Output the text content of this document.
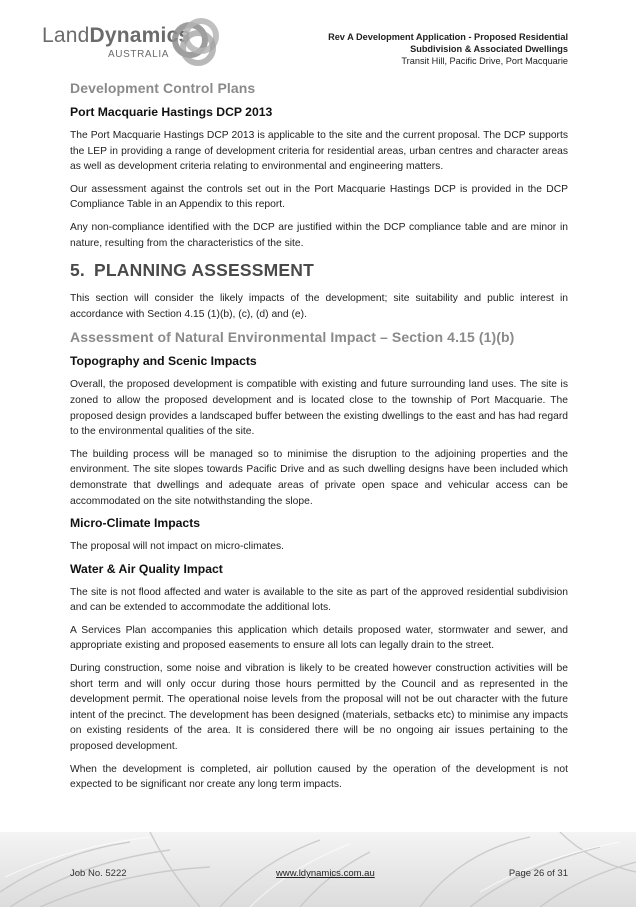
LandDynamics
AUSTRALIA
Rev A Development Application - Proposed Residential
Subdivision & Associated Dwellings
Transit Hill, Pacific Drive, Port Macquarie
Development Control Plans
Port Macquarie Hastings DCP 2013

The Port Macquarie Hastings DCP 2013 is applicable to the site and the current proposal. The DCP supports the LEP in providing a range of development criteria for residential areas, urban centres and character areas as well as development criteria relating to environmental and engineering matters.

Our assessment against the controls set out in the Port Macquarie Hastings DCP is provided in the DCP Compliance Table in an Appendix to this report.

Any non-compliance identified with the DCP are justified within the DCP compliance table and are minor in nature, resulting from the characteristics of the site.

5. PLANNING ASSESSMENT

This section will consider the likely impacts of the development; site suitability and public interest in accordance with Section 4.15 (1)(b), (c), (d) and (e).

Assessment of Natural Environmental Impact – Section 4.15 (1)(b)
Topography and Scenic Impacts

Overall, the proposed development is compatible with existing and future surrounding land uses. The site is zoned to allow the proposed development and is located close to the township of Port Macquarie. The proposed design provides a landscaped buffer between the existing dwellings to the east and has had regard to the environmental qualities of the site.

The building process will be managed so to minimise the disruption to the adjoining properties and the environment. The site slopes towards Pacific Drive and as such dwelling designs have been included which demonstrate that dwellings and adequate areas of private open space and vehicular access can be accommodated on the site notwithstanding the slope.

Micro-Climate Impacts

The proposal will not impact on micro-climates.

Water & Air Quality Impact

The site is not flood affected and water is available to the site as part of the approved residential subdivision and can be extended to accommodate the additional lots.

A Services Plan accompanies this application which details proposed water, stormwater and sewer, and appropriate existing and proposed easements to ensure all lots can legally drain to the street.

During construction, some noise and vibration is likely to be created however construction activities will be short term and will only occur during those hours permitted by the Council and as represented in the development permit. The operational noise levels from the proposal will not be out character with the future intent of the precinct. The development has been designed (materials, setbacks etc) to minimise any impacts on existing residents of the area. It is considered there will be no ongoing air issues pertaining to the proposed development.

When the development is completed, air pollution caused by the operation of the development is not expected to be significant nor create any long term impacts.

Job No. 5222	www.ldynamics.com.au	Page 26 of 31
